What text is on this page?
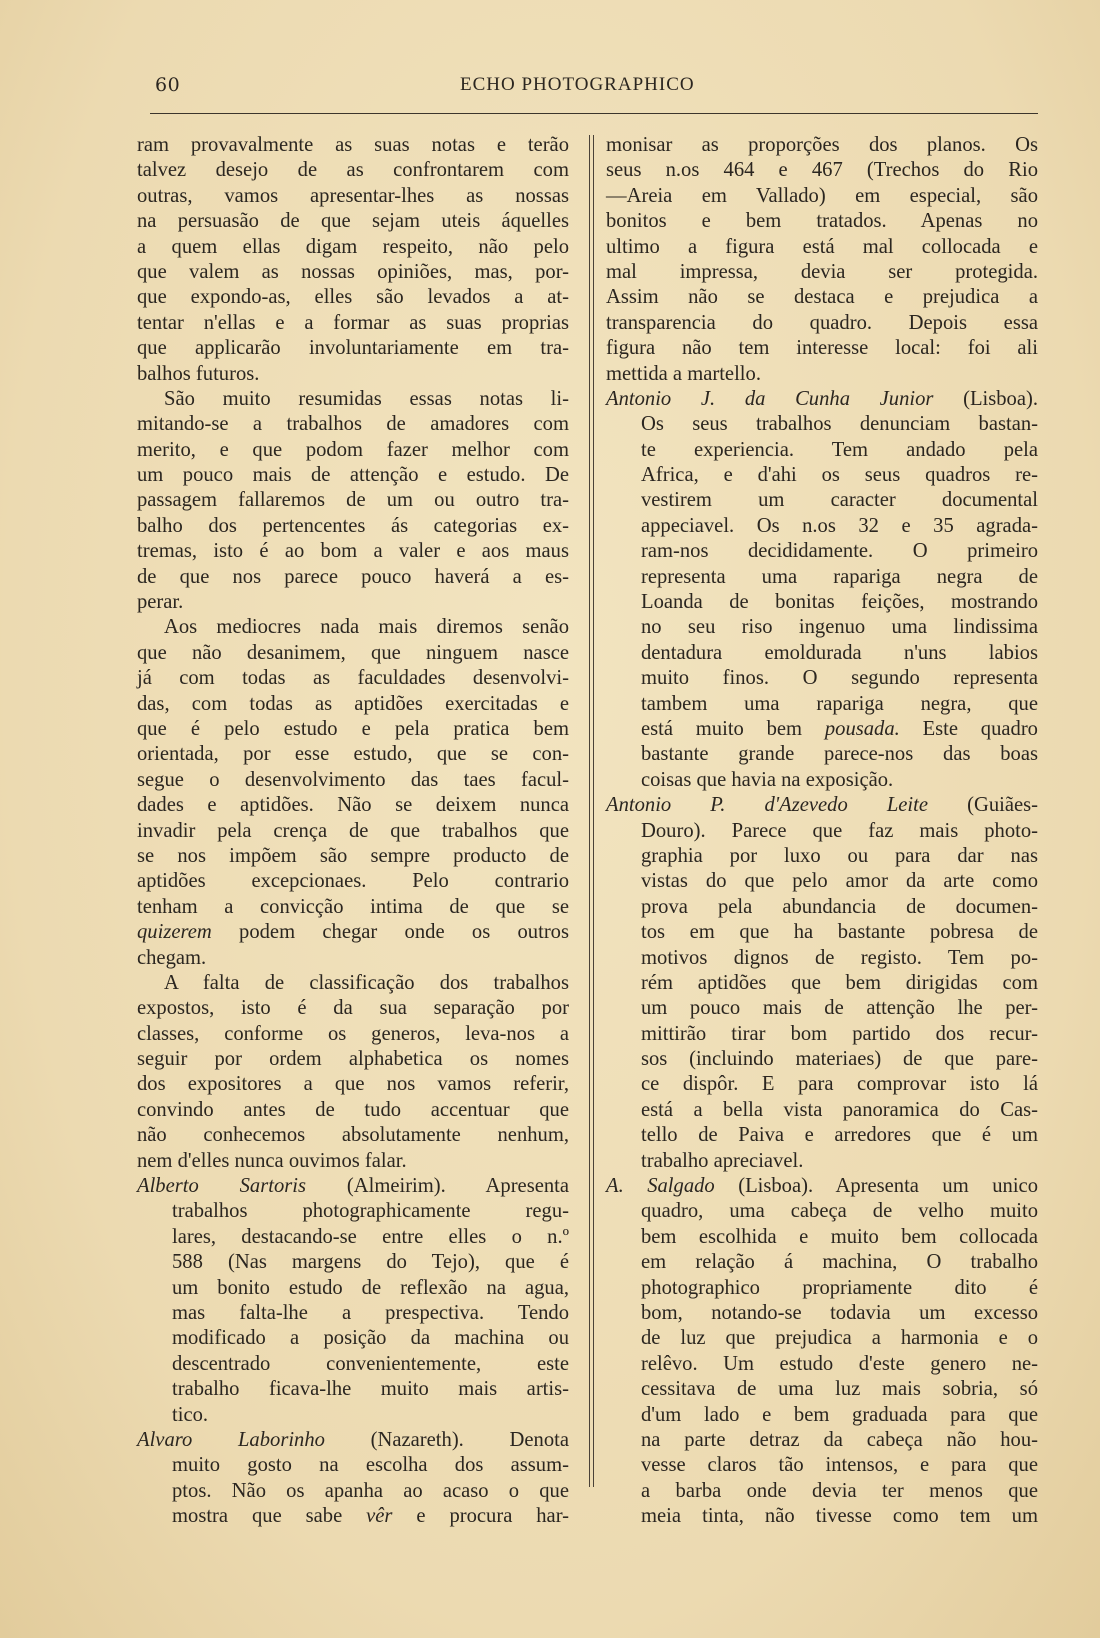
60	ECHO PHOTOGRAPHICO
ram provavalmente as suas notas e terão
talvez desejo de as confrontarem com
outras, vamos apresentar-lhes as nossas
na persuasão de que sejam uteis áquelles
a quem ellas digam respeito, não pelo
que valem as nossas opiniões, mas, por-
que expondo-as, elles são levados a at-
tentar n'ellas e a formar as suas proprias
que applicarão involuntariamente em tra-
balhos futuros.
São muito resumidas essas notas li-
mitando-se a trabalhos de amadores com
merito, e que podom fazer melhor com
um pouco mais de attenção e estudo. De
passagem fallaremos de um ou outro tra-
balho dos pertencentes ás categorias ex-
tremas, isto é ao bom a valer e aos maus
de que nos parece pouco haverá a es-
perar.
Aos mediocres nada mais diremos senão
que não desanimem, que ninguem nasce
já com todas as faculdades desenvolvi-
das, com todas as aptidões exercitadas e
que é pelo estudo e pela pratica bem
orientada, por esse estudo, que se con-
segue o desenvolvimento das taes facul-
dades e aptidões. Não se deixem nunca
invadir pela crença de que trabalhos que
se nos impõem são sempre producto de
aptidões excepcionaes. Pelo contrario
tenham a convicção intima de que se
quizerem podem chegar onde os outros
chegam.
A falta de classificação dos trabalhos
expostos, isto é da sua separação por
classes, conforme os generos, leva-nos a
seguir por ordem alphabetica os nomes
dos expositores a que nos vamos referir,
convindo antes de tudo accentuar que
não conhecemos absolutamente nenhum,
nem d'elles nunca ouvimos falar.
Alberto Sartoris (Almeirim). Apresenta
trabalhos photographicamente regu-
lares, destacando-se entre elles o n.º
588 (Nas margens do Tejo), que é
um bonito estudo de reflexão na agua,
mas falta-lhe a prespectiva. Tendo
modificado a posição da machina ou
descentrado convenientemente, este
trabalho ficava-lhe muito mais artis-
tico.
Alvaro Laborinho (Nazareth). Denota
muito gosto na escolha dos assum-
ptos. Não os apanha ao acaso o que
mostra que sabe vêr e procura har-
monisar as proporções dos planos. Os
seus n.os 464 e 467 (Trechos do Rio
—Areia em Vallado) em especial, são
bonitos e bem tratados. Apenas no
ultimo a figura está mal collocada e
mal impressa, devia ser protegida.
Assim não se destaca e prejudica a
transparencia do quadro. Depois essa
figura não tem interesse local: foi ali
mettida a martello.
Antonio J. da Cunha Junior (Lisboa).
Os seus trabalhos denunciam bastan-
te experiencia. Tem andado pela
Africa, e d'ahi os seus quadros re-
vestirem um caracter documental
appeciavel. Os n.os 32 e 35 agrada-
ram-nos decididamente. O primeiro
representa uma rapariga negra de
Loanda de bonitas feições, mostrando
no seu riso ingenuo uma lindissima
dentadura emoldurada n'uns labios
muito finos. O segundo representa
tambem uma rapariga negra, que
está muito bem pousada. Este quadro
bastante grande parece-nos das boas
coisas que havia na exposição.
Antonio P. d'Azevedo Leite (Guiães-
Douro). Parece que faz mais photo-
graphia por luxo ou para dar nas
vistas do que pelo amor da arte como
prova pela abundancia de documen-
tos em que ha bastante pobresa de
motivos dignos de registo. Tem po-
rém aptidões que bem dirigidas com
um pouco mais de attenção lhe per-
mittirão tirar bom partido dos recur-
sos (incluindo materiaes) de que pare-
ce dispôr. E para comprovar isto lá
está a bella vista panoramica do Cas-
tello de Paiva e arredores que é um
trabalho apreciavel.
A. Salgado (Lisboa). Apresenta um unico
quadro, uma cabeça de velho muito
bem escolhida e muito bem collocada
em relação á machina, O trabalho
photographico propriamente dito é
bom, notando-se todavia um excesso
de luz que prejudica a harmonia e o
relêvo. Um estudo d'este genero ne-
cessitava de uma luz mais sobria, só
d'um lado e bem graduada para que
na parte detraz da cabeça não hou-
vesse claros tão intensos, e para que
a barba onde devia ter menos que
meia tinta, não tivesse como tem um
